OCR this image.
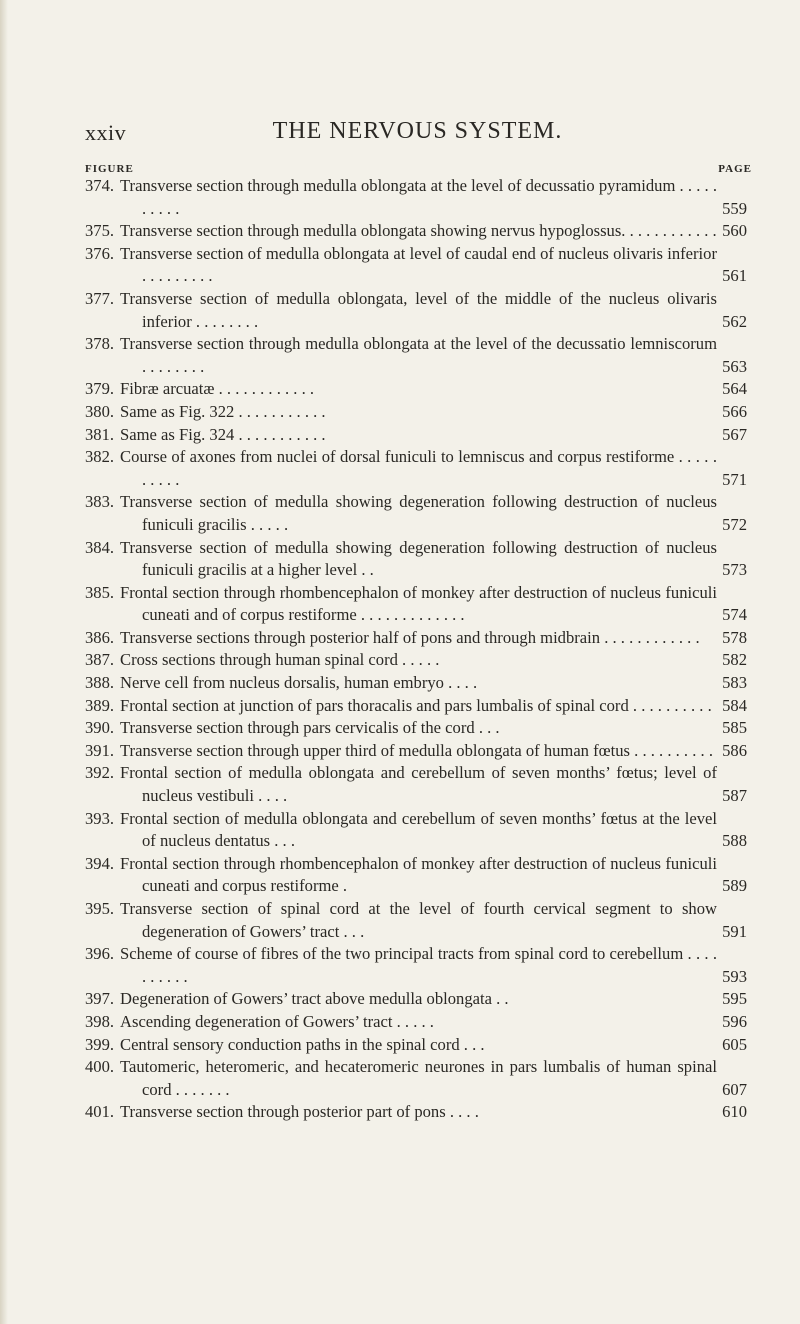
xxiv	THE NERVOUS SYSTEM.
FIGURE	PAGE
374. Transverse section through medulla oblongata at the level of decussatio pyramidum . . . . . . . . . .	559
375. Transverse section through medulla oblongata showing nervus hypoglossus. . . . . . . . . . . . 560
376. Transverse section of medulla oblongata at level of caudal end of nucleus olivaris inferior . . . . . . . . .	561
377. Transverse section of medulla oblongata, level of the middle of the nucleus olivaris inferior . . . . . . . .	562
378. Transverse section through medulla oblongata at the level of the decussatio lemniscorum . . . . . . . .	563
379. Fibræ arcuatæ . . . . . . . . . . . .	564
380. Same as Fig. 322 . . . . . . . . . . .	566
381. Same as Fig. 324 . . . . . . . . . . .	567
382. Course of axones from nuclei of dorsal funiculi to lemniscus and corpus restiforme . . . . . . . . . .	571
383. Transverse section of medulla showing degeneration following destruction of nucleus funiculi gracilis . . . . .	572
384. Transverse section of medulla showing degeneration following destruction of nucleus funiculi gracilis at a higher level . .	573
385. Frontal section through rhombencephalon of monkey after destruction of nucleus funiculi cuneati and of corpus restiforme . . . . . . . . . . . . .	574
386. Transverse sections through posterior half of pons and through midbrain . . . . . . . . . . . .	578
387. Cross sections through human spinal cord . . . . .	582
388. Nerve cell from nucleus dorsalis, human embryo . . . .	583
389. Frontal section at junction of pars thoracalis and pars lumbalis of spinal cord . . . . . . . . . . 584
390. Transverse section through pars cervicalis of the cord . . .	585
391. Transverse section through upper third of medulla oblongata of human fœtus . . . . . . . . . . 586
392. Frontal section of medulla oblongata and cerebellum of seven months’ fœtus; level of nucleus vestibuli . . . .	587
393. Frontal section of medulla oblongata and cerebellum of seven months’ fœtus at the level of nucleus dentatus . . .	588
394. Frontal section through rhombencephalon of monkey after destruction of nucleus funiculi cuneati and corpus restiforme .	589
395. Transverse section of spinal cord at the level of fourth cervical segment to show degeneration of Gowers’ tract . . .	591
396. Scheme of course of fibres of the two principal tracts from spinal cord to cerebellum . . . . . . . . . .	593
397. Degeneration of Gowers’ tract above medulla oblongata . .	595
398. Ascending degeneration of Gowers’ tract . . . . .	596
399. Central sensory conduction paths in the spinal cord . . .	605
400. Tautomeric, heteromeric, and hecateromeric neurones in pars lumbalis of human spinal cord . . . . . . .	607
401. Transverse section through posterior part of pons . . . .	610
